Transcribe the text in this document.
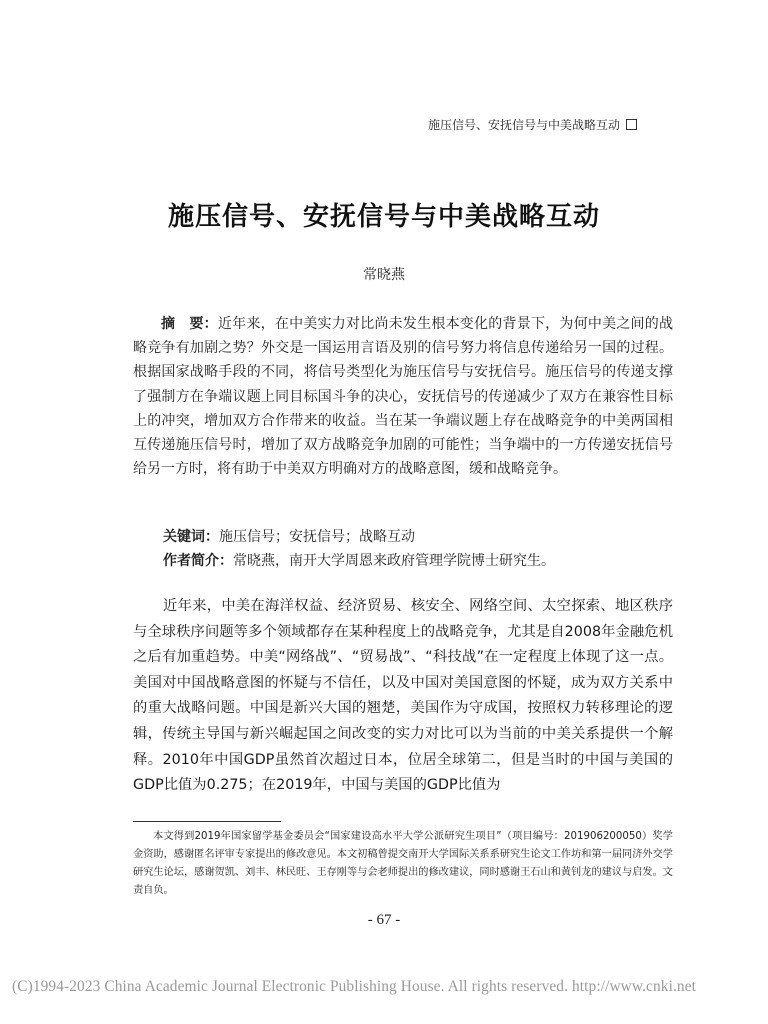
施压信号、安抚信号与中美战略互动
施压信号、安抚信号与中美战略互动
常晓燕

摘　要：近年来，在中美实力对比尚未发生根本变化的背景下，为何中美之间的战略竞争有加剧之势？外交是一国运用言语及别的信号努力将信息传递给另一国的过程。根据国家战略手段的不同，将信号类型化为施压信号与安抚信号。施压信号的传递支撑了强制方在争端议题上同目标国斗争的决心，安抚信号的传递减少了双方在兼容性目标上的冲突，增加双方合作带来的收益。当在某一争端议题上存在战略竞争的中美两国相互传递施压信号时，增加了双方战略竞争加剧的可能性；当争端中的一方传递安抚信号给另一方时，将有助于中美双方明确对方的战略意图，缓和战略竞争。

关键词：施压信号；安抚信号；战略互动
作者简介：常晓燕，南开大学周恩来政府管理学院博士研究生。

近年来，中美在海洋权益、经济贸易、核安全、网络空间、太空探索、地区秩序与全球秩序问题等多个领域都存在某种程度上的战略竞争，尤其是自2008年金融危机之后有加重趋势。中美“网络战”、“贸易战”、“科技战”在一定程度上体现了这一点。美国对中国战略意图的怀疑与不信任，以及中国对美国意图的怀疑，成为双方关系中的重大战略问题。中国是新兴大国的翘楚，美国作为守成国，按照权力转移理论的逻辑，传统主导国与新兴崛起国之间改变的实力对比可以为当前的中美关系提供一个解释。2010年中国GDP虽然首次超过日本，位居全球第二，但是当时的中国与美国的GDP比值为0.275；在2019年，中国与美国的GDP比值为

本文得到2019年国家留学基金委员会“国家建设高水平大学公派研究生项目”（项目编号：201906200050）奖学金资助，感谢匿名评审专家提出的修改意见。本文初稿曾提交南开大学国际关系系研究生论文工作坊和第一届同济外交学研究生论坛，感谢贺凯、刘丰、林民旺、王存刚等与会老师提出的修改建议，同时感谢王石山和黄钊龙的建议与启发。文责自负。

- 67 -
(C)1994-2023 China Academic Journal Electronic Publishing House. All rights reserved. http://www.cnki.net
